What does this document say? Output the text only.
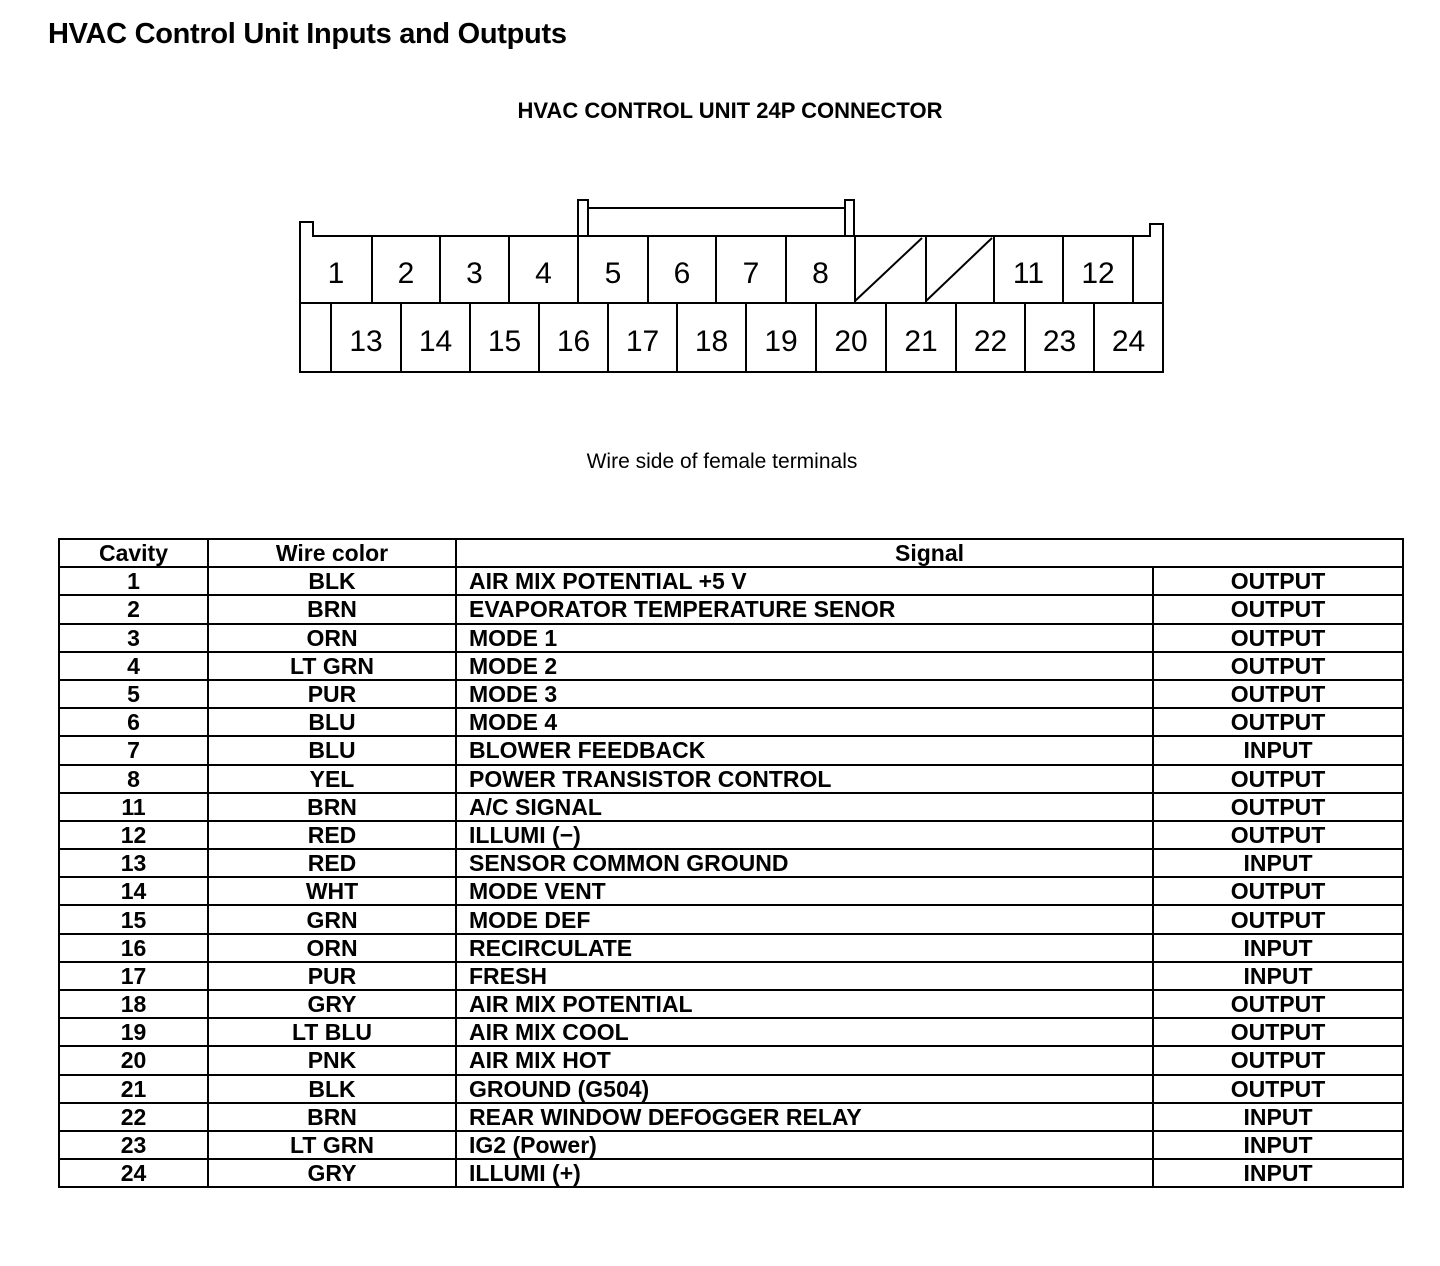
HVAC Control Unit Inputs and Outputs
HVAC CONTROL UNIT 24P CONNECTOR
1 2 3 4 5 6 7 8	11 12
13 14 15 16 17 18 19 20 21 22 23 24
Wire side of female terminals
Cavity	Wire color	Signal	
1	BLK	AIR MIX POTENTIAL +5 V	OUTPUT
2	BRN	EVAPORATOR TEMPERATURE SENOR	OUTPUT
3	ORN	MODE 1	OUTPUT
4	LT GRN	MODE 2	OUTPUT
5	PUR	MODE 3	OUTPUT
6	BLU	MODE 4	OUTPUT
7	BLU	BLOWER FEEDBACK	INPUT
8	YEL	POWER TRANSISTOR CONTROL	OUTPUT
11	BRN	A/C SIGNAL	OUTPUT
12	RED	ILLUMI (−)	OUTPUT
13	RED	SENSOR COMMON GROUND	INPUT
14	WHT	MODE VENT	OUTPUT
15	GRN	MODE DEF	OUTPUT
16	ORN	RECIRCULATE	INPUT
17	PUR	FRESH	INPUT
18	GRY	AIR MIX POTENTIAL	OUTPUT
19	LT BLU	AIR MIX COOL	OUTPUT
20	PNK	AIR MIX HOT	OUTPUT
21	BLK	GROUND (G504)	OUTPUT
22	BRN	REAR WINDOW DEFOGGER RELAY	INPUT
23	LT GRN	IG2 (Power)	INPUT
24	GRY	ILLUMI (+)	INPUT
